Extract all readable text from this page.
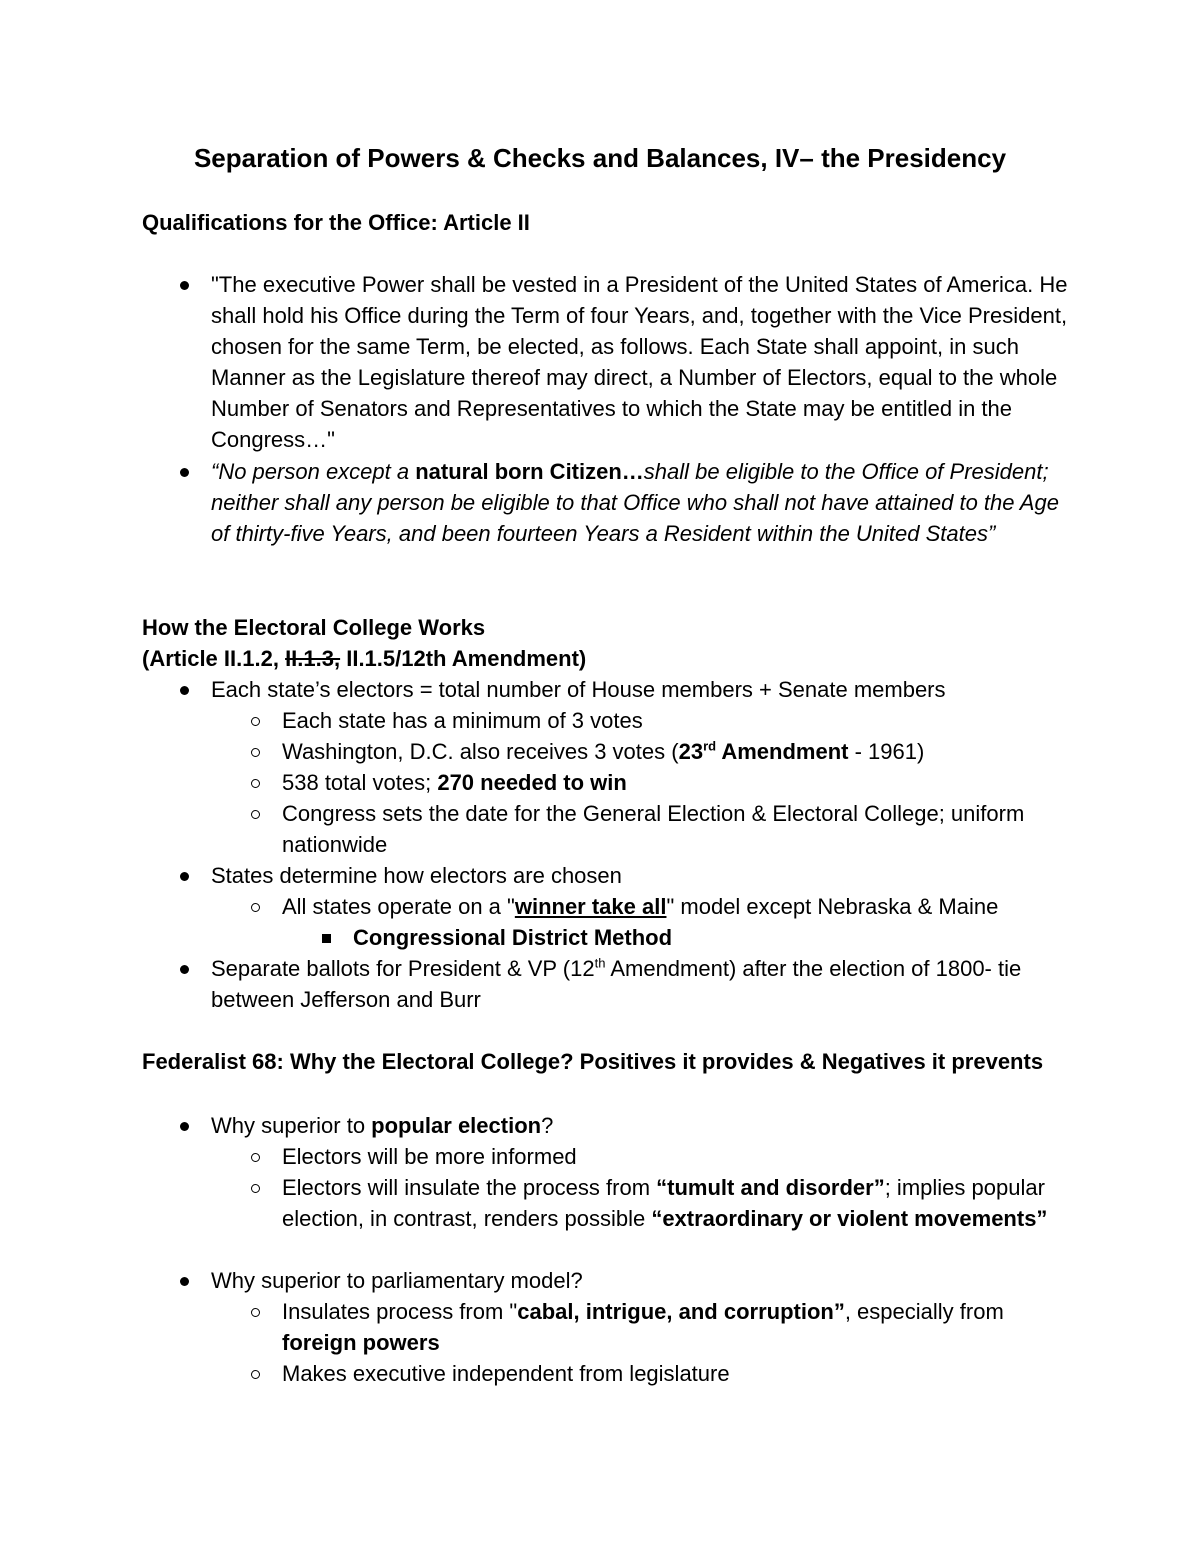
Separation of Powers & Checks and Balances, IV– the Presidency
Qualifications for the Office: Article II
"The executive Power shall be vested in a President of the United States of America. He shall hold his Office during the Term of four Years, and, together with the Vice President, chosen for the same Term, be elected, as follows. Each State shall appoint, in such Manner as the Legislature thereof may direct, a Number of Electors, equal to the whole Number of Senators and Representatives to which the State may be entitled in the Congress…"
“No person except a natural born Citizen…shall be eligible to the Office of President; neither shall any person be eligible to that Office who shall not have attained to the Age of thirty-five Years, and been fourteen Years a Resident within the United States”
How the Electoral College Works
(Article II.1.2, II.1.3, II.1.5/12th Amendment)
Each state’s electors = total number of House members + Senate members
Each state has a minimum of 3 votes
Washington, D.C. also receives 3 votes (23rd Amendment - 1961)
538 total votes; 270 needed to win
Congress sets the date for the General Election & Electoral College; uniform nationwide
States determine how electors are chosen
All states operate on a "winner take all" model except Nebraska & Maine
Congressional District Method
Separate ballots for President & VP (12th Amendment) after the election of 1800- tie between Jefferson and Burr
Federalist 68: Why the Electoral College? Positives it provides & Negatives it prevents
Why superior to popular election?
Electors will be more informed
Electors will insulate the process from “tumult and disorder”; implies popular election, in contrast, renders possible “extraordinary or violent movements”
Why superior to parliamentary model?
Insulates process from "cabal, intrigue, and corruption”, especially from foreign powers
Makes executive independent from legislature
